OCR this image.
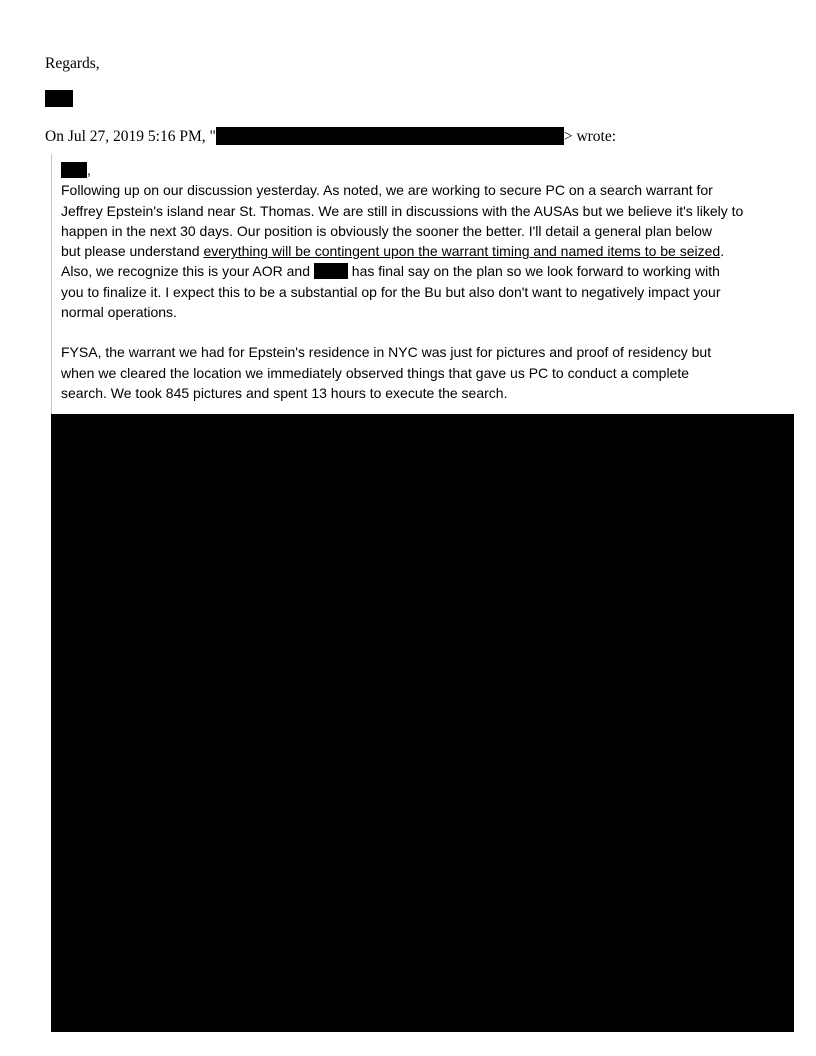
Regards,
On Jul 27, 2019 5:16 PM, "	> wrote:
,
Following up on our discussion yesterday. As noted, we are working to secure PC on a search warrant for
Jeffrey Epstein's island near St. Thomas. We are still in discussions with the AUSAs but we believe it's likely to
happen in the next 30 days. Our position is obviously the sooner the better. I'll detail a general plan below
but please understand everything will be contingent upon the warrant timing and named items to be seized.
Also, we recognize this is your AOR and  has final say on the plan so we look forward to working with
you to finalize it. I expect this to be a substantial op for the Bu but also don't want to negatively impact your
normal operations.
FYSA, the warrant we had for Epstein's residence in NYC was just for pictures and proof of residency but
when we cleared the location we immediately observed things that gave us PC to conduct a complete
search. We took 845 pictures and spent 13 hours to execute the search.
